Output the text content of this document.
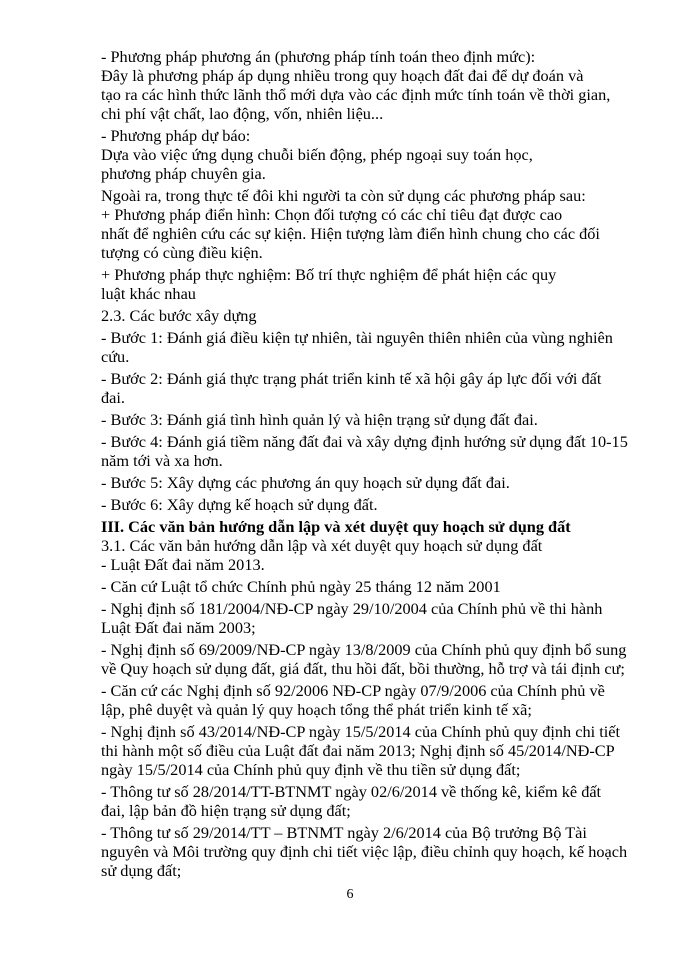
- Phương pháp phương án (phương pháp tính toán theo định mức):
Đây là phương pháp áp dụng nhiều trong quy hoạch đất đai để dự đoán và
tạo ra các hình thức lãnh thổ mới dựa vào các định mức tính toán về thời gian,
chi phí vật chất, lao động, vốn, nhiên liệu...
- Phương pháp dự báo:
Dựa vào việc ứng dụng chuỗi biến động, phép ngoại suy toán học,
phương pháp chuyên gia.
Ngoài ra, trong thực tế đôi khi người ta còn sử dụng các phương pháp sau:
+ Phương pháp điển hình: Chọn đối tượng có các chỉ tiêu đạt được cao
nhất để nghiên cứu các sự kiện. Hiện tượng làm điển hình chung cho các đối
tượng có cùng điều kiện.
+ Phương pháp thực nghiệm: Bố trí thực nghiệm để phát hiện các quy
luật khác nhau
2.3. Các bước xây dựng
- Bước 1: Đánh giá điều kiện tự nhiên, tài nguyên thiên nhiên của vùng nghiên
cứu.
- Bước 2: Đánh giá thực trạng phát triển kinh tế xã hội gây áp lực đối với đất
đai.
- Bước 3: Đánh giá tình hình quản lý và hiện trạng sử dụng đất đai.
- Bước 4: Đánh giá tiềm năng đất đai và xây dựng định hướng sử dụng đất 10-15
năm tới và xa hơn.
- Bước 5: Xây dựng các phương án quy hoạch sử dụng đất đai.
- Bước 6: Xây dựng kế hoạch sử dụng đất.
III. Các văn bản hướng dẫn lập và xét duyệt quy hoạch sử dụng đất
3.1. Các văn bản hướng dẫn lập và xét duyệt quy hoạch sử dụng đất
- Luật Đất đai năm 2013.
- Căn cứ Luật tổ chức Chính phủ ngày 25 tháng 12 năm 2001
- Nghị định số 181/2004/NĐ-CP ngày 29/10/2004 của Chính phủ về thi hành
Luật Đất đai năm 2003;
- Nghị định số 69/2009/NĐ-CP ngày 13/8/2009 của Chính phủ quy định bổ sung
về Quy hoạch sử dụng đất, giá đất, thu hồi đất, bồi thường, hỗ trợ và tái định cư;
- Căn cứ các Nghị định số 92/2006 NĐ-CP ngày 07/9/2006 của Chính phủ về
lập, phê duyệt và quản lý quy hoạch tổng thể phát triển kinh tế xã;
- Nghị định số 43/2014/NĐ-CP ngày 15/5/2014 của Chính phủ quy định chi tiết
thi hành một số điều của Luật đất đai năm 2013; Nghị định số 45/2014/NĐ-CP
ngày 15/5/2014 của Chính phủ quy định về thu tiền sử dụng đất;
- Thông tư số 28/2014/TT-BTNMT ngày 02/6/2014 về thống kê, kiểm kê đất
đai, lập bản đồ hiện trạng sử dụng đất;
- Thông tư số 29/2014/TT – BTNMT ngày 2/6/2014 của Bộ trưởng Bộ Tài
nguyên và Môi trường quy định chi tiết việc lập, điều chỉnh quy hoạch, kế hoạch
sử dụng đất;
6
